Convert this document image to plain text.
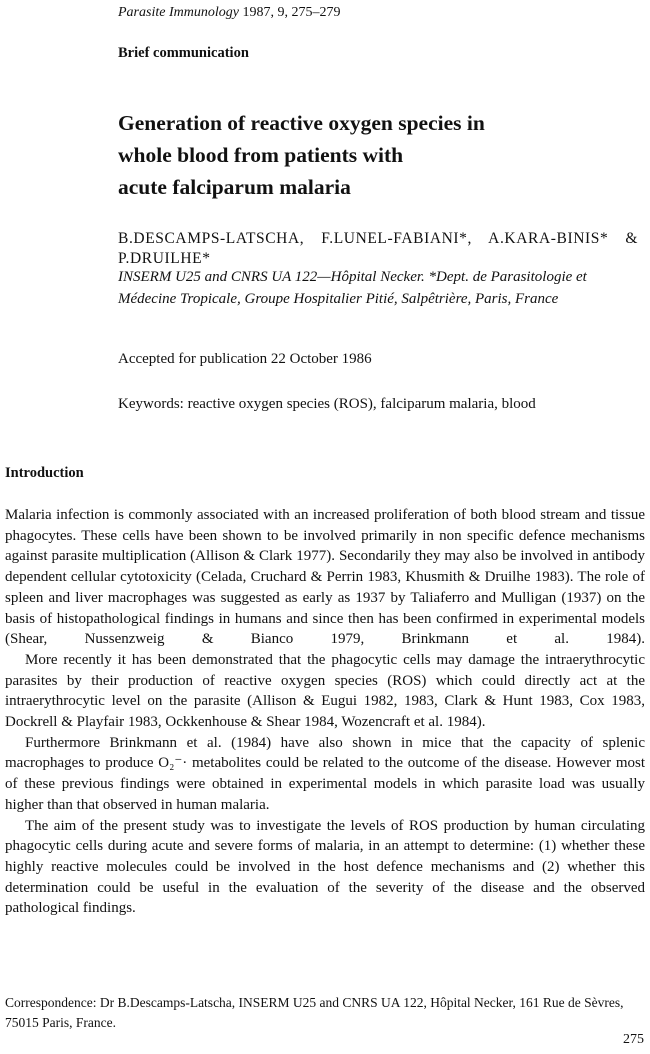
Parasite Immunology 1987, 9, 275–279
Brief communication
Generation of reactive oxygen species in
whole blood from patients with
acute falciparum malaria
B.DESCAMPS-LATSCHA, F.LUNEL-FABIANI*, A.KARA-BINIS* & P.DRUILHE*
INSERM U25 and CNRS UA 122—Hôpital Necker. *Dept. de Parasitologie et Médecine Tropicale, Groupe Hospitalier Pitié, Salpêtrière, Paris, France
Accepted for publication 22 October 1986
Keywords: reactive oxygen species (ROS), falciparum malaria, blood
Introduction

Malaria infection is commonly associated with an increased proliferation of both blood stream and tissue phagocytes. These cells have been shown to be involved primarily in non specific defence mechanisms against parasite multiplication (Allison & Clark 1977). Secondarily they may also be involved in antibody dependent cellular cytotoxicity (Celada, Cruchard & Perrin 1983, Khusmith & Druilhe 1983). The role of spleen and liver macrophages was suggested as early as 1937 by Taliaferro and Mulligan (1937) on the basis of histopathological findings in humans and since then has been confirmed in experimental models (Shear, Nussenzweig & Bianco 1979, Brinkmann et al. 1984).

More recently it has been demonstrated that the phagocytic cells may damage the intraerythrocytic parasites by their production of reactive oxygen species (ROS) which could directly act at the intraerythrocytic level on the parasite (Allison & Eugui 1982, 1983, Clark & Hunt 1983, Cox 1983, Dockrell & Playfair 1983, Ockkenhouse & Shear 1984, Wozencraft et al. 1984).

Furthermore Brinkmann et al. (1984) have also shown in mice that the capacity of splenic macrophages to produce O₂⁻· metabolites could be related to the outcome of the disease. However most of these previous findings were obtained in experimental models in which parasite load was usually higher than that observed in human malaria.

The aim of the present study was to investigate the levels of ROS production by human circulating phagocytic cells during acute and severe forms of malaria, in an attempt to determine: (1) whether these highly reactive molecules could be involved in the host defence mechanisms and (2) whether this determination could be useful in the evaluation of the severity of the disease and the observed pathological findings.

Correspondence: Dr B.Descamps-Latscha, INSERM U25 and CNRS UA 122, Hôpital Necker, 161 Rue de Sèvres, 75015 Paris, France.
275
